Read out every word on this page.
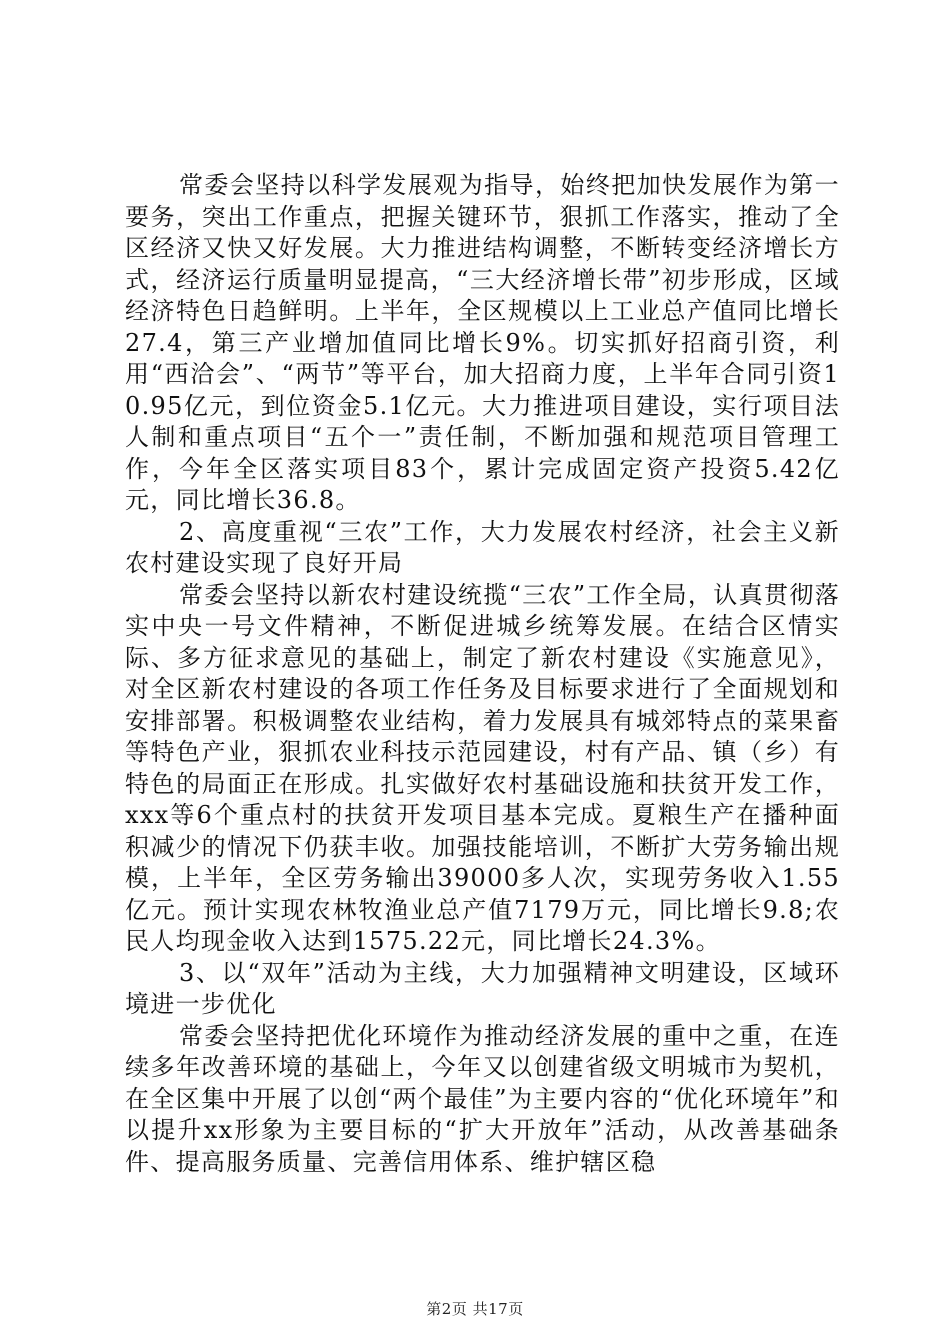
常委会坚持以科学发展观为指导，始终把加快发展作为第一要务，突出工作重点，把握关键环节，狠抓工作落实，推动了全区经济又快又好发展。大力推进结构调整，不断转变经济增长方式，经济运行质量明显提高，“三大经济增长带”初步形成，区域经济特色日趋鲜明。上半年，全区规模以上工业总产值同比增长27.4，第三产业增加值同比增长9%。切实抓好招商引资，利用“西洽会”、“两节”等平台，加大招商力度，上半年合同引资10.95亿元，到位资金5.1亿元。大力推进项目建设，实行项目法人制和重点项目“五个一”责任制，不断加强和规范项目管理工作，今年全区落实项目83个，累计完成固定资产投资5.42亿元，同比增长36.8。

2、高度重视“三农”工作，大力发展农村经济，社会主义新农村建设实现了良好开局

常委会坚持以新农村建设统揽“三农”工作全局，认真贯彻落实中央一号文件精神，不断促进城乡统筹发展。在结合区情实际、多方征求意见的基础上，制定了新农村建设《实施意见》，对全区新农村建设的各项工作任务及目标要求进行了全面规划和安排部署。积极调整农业结构，着力发展具有城郊特点的菜果畜等特色产业，狠抓农业科技示范园建设，村有产品、镇（乡）有特色的局面正在形成。扎实做好农村基础设施和扶贫开发工作，xxx等6个重点村的扶贫开发项目基本完成。夏粮生产在播种面积减少的情况下仍获丰收。加强技能培训，不断扩大劳务输出规模，上半年，全区劳务输出39000多人次，实现劳务收入1.55亿元。预计实现农林牧渔业总产值7179万元，同比增长9.8;农民人均现金收入达到1575.22元，同比增长24.3%。

3、以“双年”活动为主线，大力加强精神文明建设，区域环境进一步优化

常委会坚持把优化环境作为推动经济发展的重中之重，在连续多年改善环境的基础上，今年又以创建省级文明城市为契机，在全区集中开展了以创“两个最佳”为主要内容的“优化环境年”和以提升xx形象为主要目标的“扩大开放年”活动，从改善基础条件、提高服务质量、完善信用体系、维护辖区稳

第2页 共17页
